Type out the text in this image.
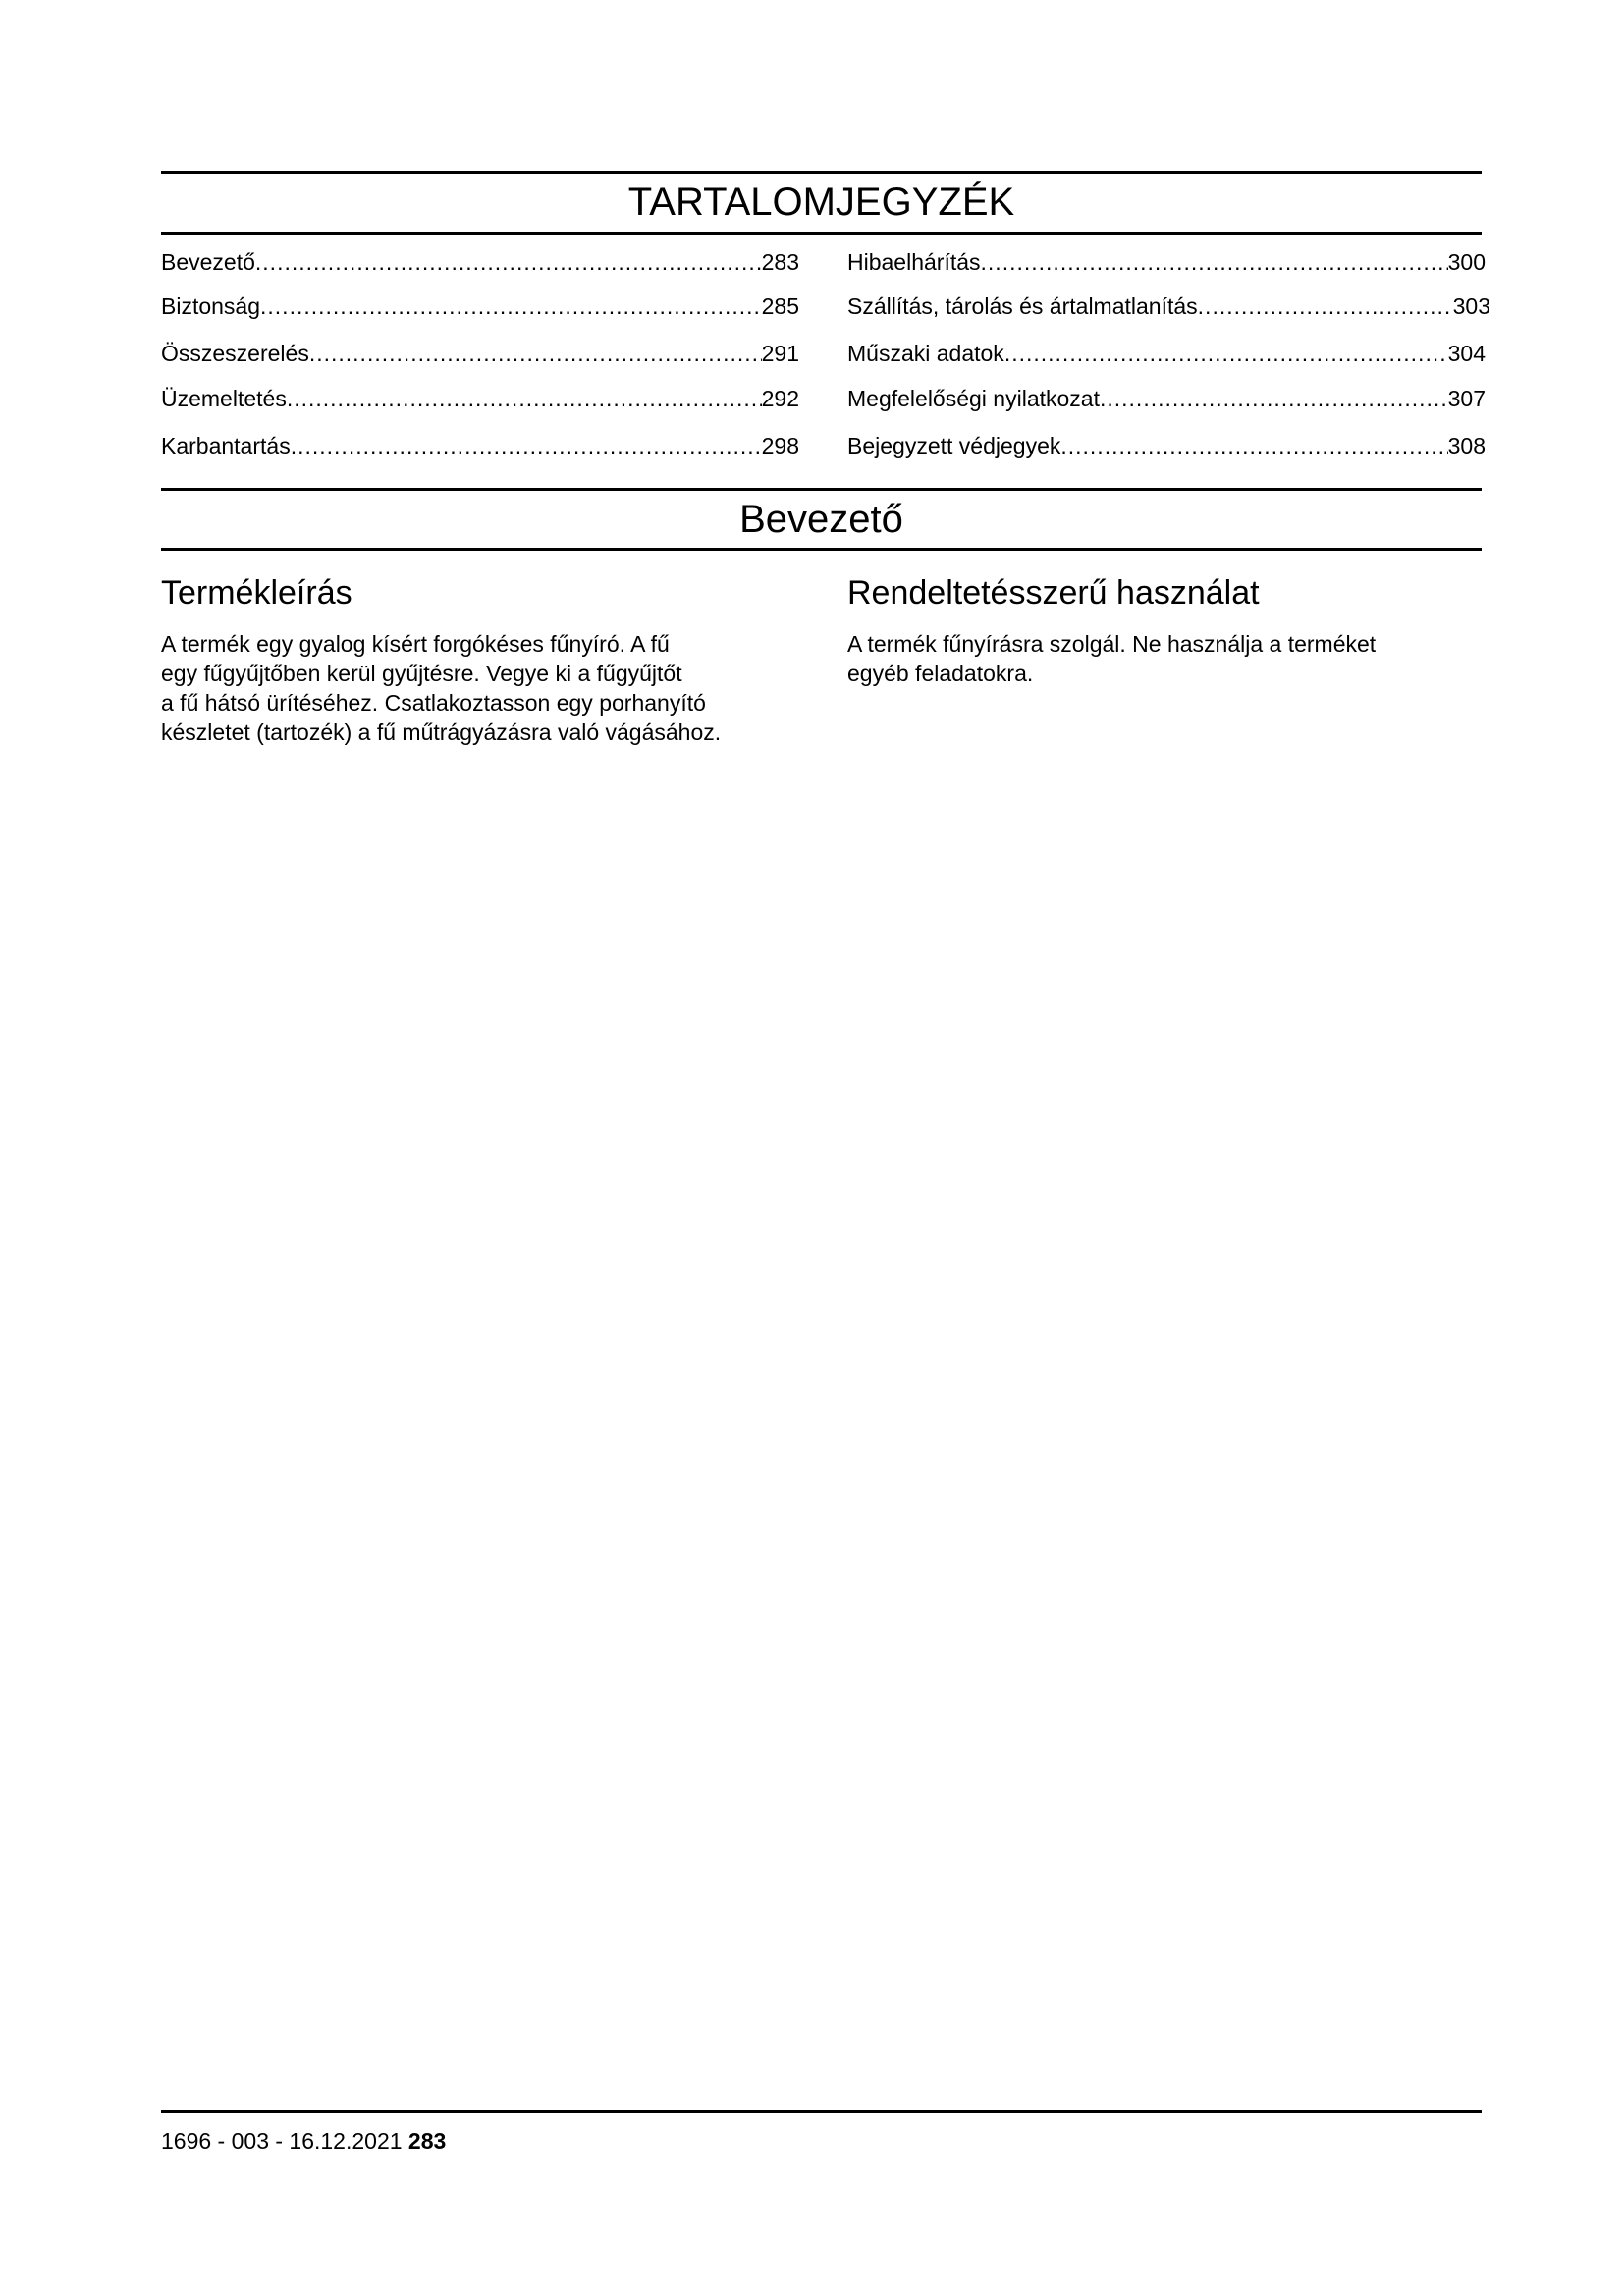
TARTALOMJEGYZÉK
Bevezető .....	283
Biztonság .....	285
Összeszerelés .....	291
Üzemeltetés .....	292
Karbantartás .....	298
Hibaelhárítás .....	300
Szállítás, tárolás és ártalmatlanítás .....	303
Műszaki adatok .....	304
Megfelelőségi nyilatkozat .....	307
Bejegyzett védjegyek .....	308
Bevezető
Termékleírás
A termék egy gyalog kísért forgókéses fűnyíró. A fű
egy fűgyűjtőben kerül gyűjtésre. Vegye ki a fűgyűjtőt
a fű hátsó ürítéséhez. Csatlakoztasson egy porhanyító
készletet (tartozék) a fű műtrágyázásra való vágásához.
Rendeltetésszerű használat
A termék fűnyírásra szolgál. Ne használja a terméket
egyéb feladatokra.
1696 - 003 - 16.12.2021 283
